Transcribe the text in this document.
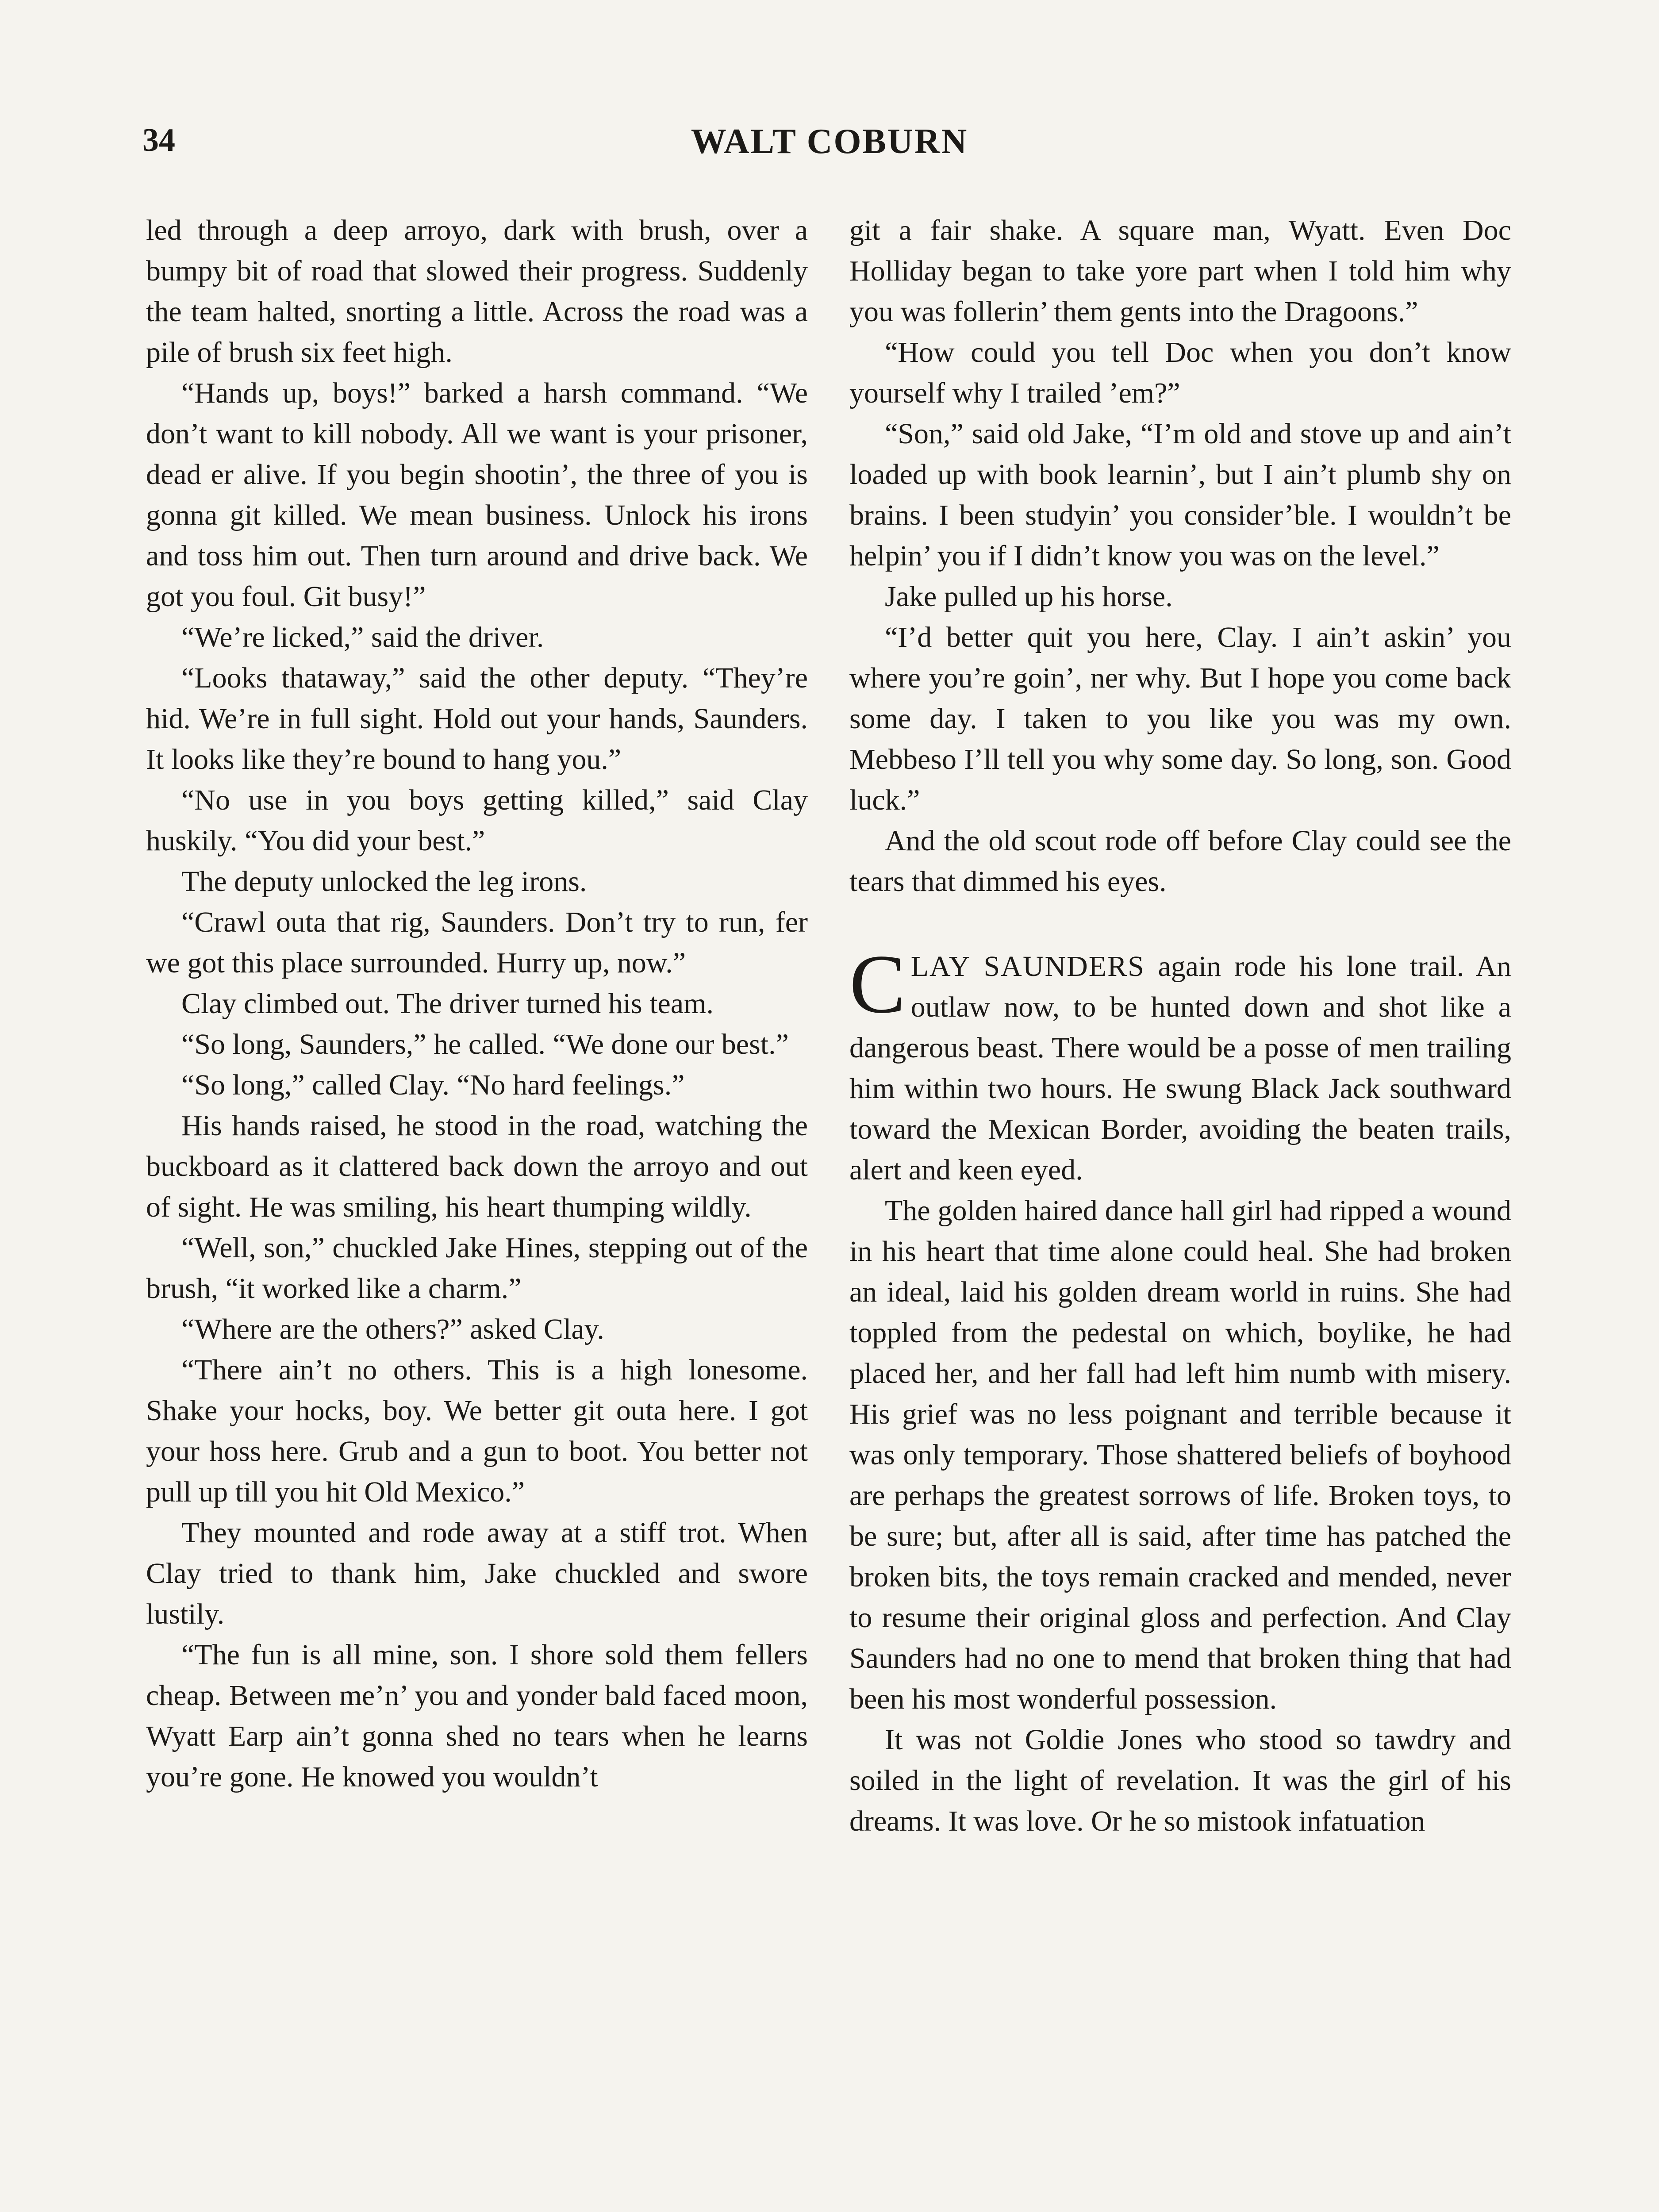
34	WALT COBURN

led through a deep arroyo, dark with brush, over a bumpy bit of road that slowed their progress. Suddenly the team halted, snorting a little. Across the road was a pile of brush six feet high.

“Hands up, boys!” barked a harsh command. “We don’t want to kill nobody. All we want is your prisoner, dead er alive. If you begin shootin’, the three of you is gonna git killed. We mean business. Unlock his irons and toss him out. Then turn around and drive back. We got you foul. Git busy!”

“We’re licked,” said the driver.

“Looks thataway,” said the other deputy. “They’re hid. We’re in full sight. Hold out your hands, Saunders. It looks like they’re bound to hang you.”

“No use in you boys getting killed,” said Clay huskily. “You did your best.”

The deputy unlocked the leg irons.

“Crawl outa that rig, Saunders. Don’t try to run, fer we got this place surrounded. Hurry up, now.”

Clay climbed out. The driver turned his team.

“So long, Saunders,” he called. “We done our best.”

“So long,” called Clay. “No hard feelings.”

His hands raised, he stood in the road, watching the buckboard as it clattered back down the arroyo and out of sight. He was smiling, his heart thumping wildly.

“Well, son,” chuckled Jake Hines, stepping out of the brush, “it worked like a charm.”

“Where are the others?” asked Clay.

“There ain’t no others. This is a high lonesome. Shake your hocks, boy. We better git outa here. I got your hoss here. Grub and a gun to boot. You better not pull up till you hit Old Mexico.”

They mounted and rode away at a stiff trot. When Clay tried to thank him, Jake chuckled and swore lustily.

“The fun is all mine, son. I shore sold them fellers cheap. Between me’n’ you and yonder bald faced moon, Wyatt Earp ain’t gonna shed no tears when he learns you’re gone. He knowed you wouldn’t

git a fair shake. A square man, Wyatt. Even Doc Holliday began to take yore part when I told him why you was follerin’ them gents into the Dragoons.”

“How could you tell Doc when you don’t know yourself why I trailed ’em?”

“Son,” said old Jake, “I’m old and stove up and ain’t loaded up with book learnin’, but I ain’t plumb shy on brains. I been studyin’ you consider’ble. I wouldn’t be helpin’ you if I didn’t know you was on the level.”

Jake pulled up his horse.

“I’d better quit you here, Clay. I ain’t askin’ you where you’re goin’, ner why. But I hope you come back some day. I taken to you like you was my own. Mebbeso I’ll tell you why some day. So long, son. Good luck.”

And the old scout rode off before Clay could see the tears that dimmed his eyes.

CLAY SAUNDERS again rode his lone trail. An outlaw now, to be hunted down and shot like a dangerous beast. There would be a posse of men trailing him within two hours. He swung Black Jack southward toward the Mexican Border, avoiding the beaten trails, alert and keen eyed.

The golden haired dance hall girl had ripped a wound in his heart that time alone could heal. She had broken an ideal, laid his golden dream world in ruins. She had toppled from the pedestal on which, boylike, he had placed her, and her fall had left him numb with misery. His grief was no less poignant and terrible because it was only temporary. Those shattered beliefs of boyhood are perhaps the greatest sorrows of life. Broken toys, to be sure; but, after all is said, after time has patched the broken bits, the toys remain cracked and mended, never to resume their original gloss and perfection. And Clay Saunders had no one to mend that broken thing that had been his most wonderful possession.

It was not Goldie Jones who stood so tawdry and soiled in the light of revelation. It was the girl of his dreams. It was love. Or he so mistook infatuation
